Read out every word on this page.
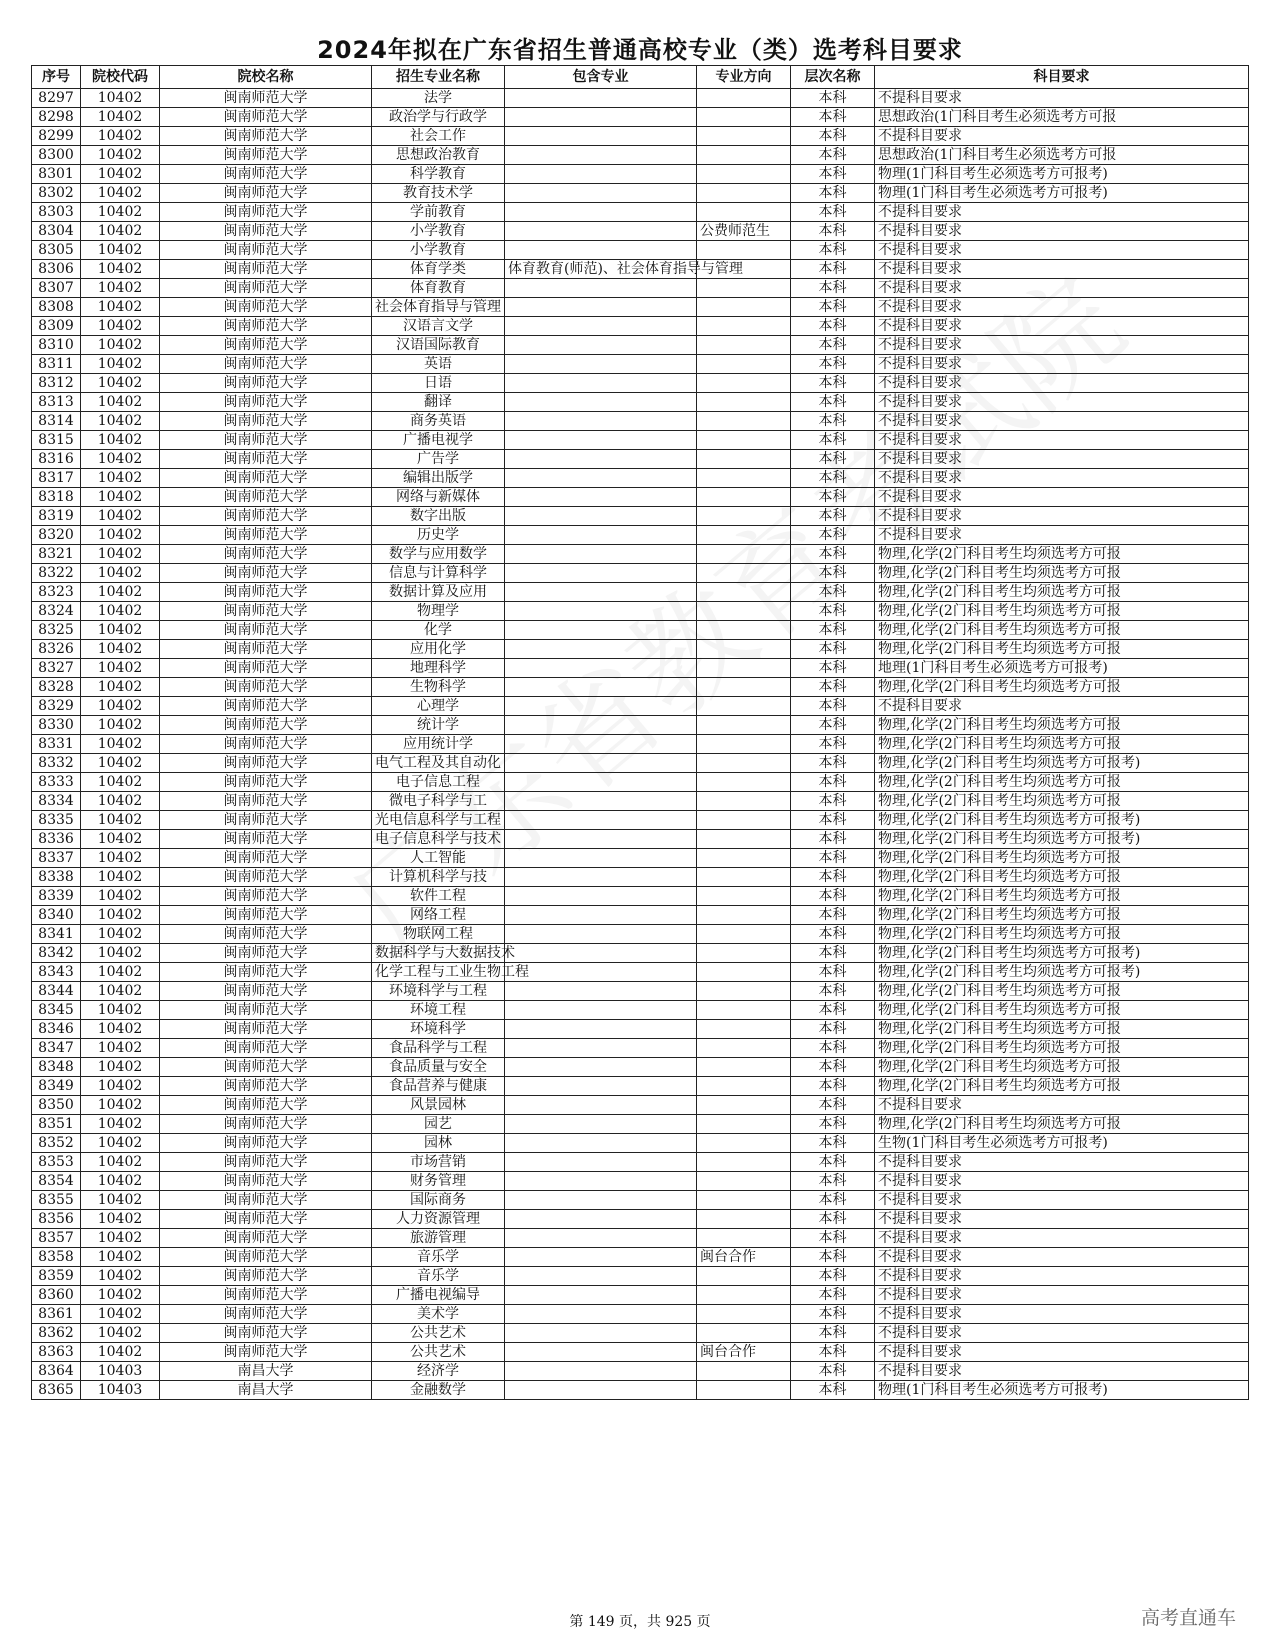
2024年拟在广东省招生普通高校专业（类）选考科目要求
序号	院校代码	院校名称	招生专业名称	包含专业	专业方向	层次名称	科目要求
8297	10402	闽南师范大学	法学			本科	不提科目要求
8298	10402	闽南师范大学	政治学与行政学			本科	思想政治(1门科目考生必须选考方可报
8299	10402	闽南师范大学	社会工作			本科	不提科目要求
8300	10402	闽南师范大学	思想政治教育			本科	思想政治(1门科目考生必须选考方可报
8301	10402	闽南师范大学	科学教育			本科	物理(1门科目考生必须选考方可报考)
8302	10402	闽南师范大学	教育技术学			本科	物理(1门科目考生必须选考方可报考)
8303	10402	闽南师范大学	学前教育			本科	不提科目要求
8304	10402	闽南师范大学	小学教育		公费师范生	本科	不提科目要求
8305	10402	闽南师范大学	小学教育			本科	不提科目要求
8306	10402	闽南师范大学	体育学类	体育教育(师范)、社会体育指导与管理		本科	不提科目要求
8307	10402	闽南师范大学	体育教育			本科	不提科目要求
8308	10402	闽南师范大学	社会体育指导与管理			本科	不提科目要求
8309	10402	闽南师范大学	汉语言文学			本科	不提科目要求
8310	10402	闽南师范大学	汉语国际教育			本科	不提科目要求
8311	10402	闽南师范大学	英语			本科	不提科目要求
8312	10402	闽南师范大学	日语			本科	不提科目要求
8313	10402	闽南师范大学	翻译			本科	不提科目要求
8314	10402	闽南师范大学	商务英语			本科	不提科目要求
8315	10402	闽南师范大学	广播电视学			本科	不提科目要求
8316	10402	闽南师范大学	广告学			本科	不提科目要求
8317	10402	闽南师范大学	编辑出版学			本科	不提科目要求
8318	10402	闽南师范大学	网络与新媒体			本科	不提科目要求
8319	10402	闽南师范大学	数字出版			本科	不提科目要求
8320	10402	闽南师范大学	历史学			本科	不提科目要求
8321	10402	闽南师范大学	数学与应用数学			本科	物理,化学(2门科目考生均须选考方可报
8322	10402	闽南师范大学	信息与计算科学			本科	物理,化学(2门科目考生均须选考方可报
8323	10402	闽南师范大学	数据计算及应用			本科	物理,化学(2门科目考生均须选考方可报
8324	10402	闽南师范大学	物理学			本科	物理,化学(2门科目考生均须选考方可报
8325	10402	闽南师范大学	化学			本科	物理,化学(2门科目考生均须选考方可报
8326	10402	闽南师范大学	应用化学			本科	物理,化学(2门科目考生均须选考方可报
8327	10402	闽南师范大学	地理科学			本科	地理(1门科目考生必须选考方可报考)
8328	10402	闽南师范大学	生物科学			本科	物理,化学(2门科目考生均须选考方可报
8329	10402	闽南师范大学	心理学			本科	不提科目要求
8330	10402	闽南师范大学	统计学			本科	物理,化学(2门科目考生均须选考方可报
8331	10402	闽南师范大学	应用统计学			本科	物理,化学(2门科目考生均须选考方可报
8332	10402	闽南师范大学	电气工程及其自动化			本科	物理,化学(2门科目考生均须选考方可报考)
8333	10402	闽南师范大学	电子信息工程			本科	物理,化学(2门科目考生均须选考方可报
8334	10402	闽南师范大学	微电子科学与工			本科	物理,化学(2门科目考生均须选考方可报
8335	10402	闽南师范大学	光电信息科学与工程			本科	物理,化学(2门科目考生均须选考方可报考)
8336	10402	闽南师范大学	电子信息科学与技术			本科	物理,化学(2门科目考生均须选考方可报考)
8337	10402	闽南师范大学	人工智能			本科	物理,化学(2门科目考生均须选考方可报
8338	10402	闽南师范大学	计算机科学与技			本科	物理,化学(2门科目考生均须选考方可报
8339	10402	闽南师范大学	软件工程			本科	物理,化学(2门科目考生均须选考方可报
8340	10402	闽南师范大学	网络工程			本科	物理,化学(2门科目考生均须选考方可报
8341	10402	闽南师范大学	物联网工程			本科	物理,化学(2门科目考生均须选考方可报
8342	10402	闽南师范大学	数据科学与大数据技术			本科	物理,化学(2门科目考生均须选考方可报考)
8343	10402	闽南师范大学	化学工程与工业生物工程			本科	物理,化学(2门科目考生均须选考方可报考)
8344	10402	闽南师范大学	环境科学与工程			本科	物理,化学(2门科目考生均须选考方可报
8345	10402	闽南师范大学	环境工程			本科	物理,化学(2门科目考生均须选考方可报
8346	10402	闽南师范大学	环境科学			本科	物理,化学(2门科目考生均须选考方可报
8347	10402	闽南师范大学	食品科学与工程			本科	物理,化学(2门科目考生均须选考方可报
8348	10402	闽南师范大学	食品质量与安全			本科	物理,化学(2门科目考生均须选考方可报
8349	10402	闽南师范大学	食品营养与健康			本科	物理,化学(2门科目考生均须选考方可报
8350	10402	闽南师范大学	风景园林			本科	不提科目要求
8351	10402	闽南师范大学	园艺			本科	物理,化学(2门科目考生均须选考方可报
8352	10402	闽南师范大学	园林			本科	生物(1门科目考生必须选考方可报考)
8353	10402	闽南师范大学	市场营销			本科	不提科目要求
8354	10402	闽南师范大学	财务管理			本科	不提科目要求
8355	10402	闽南师范大学	国际商务			本科	不提科目要求
8356	10402	闽南师范大学	人力资源管理			本科	不提科目要求
8357	10402	闽南师范大学	旅游管理			本科	不提科目要求
8358	10402	闽南师范大学	音乐学		闽台合作	本科	不提科目要求
8359	10402	闽南师范大学	音乐学			本科	不提科目要求
8360	10402	闽南师范大学	广播电视编导			本科	不提科目要求
8361	10402	闽南师范大学	美术学			本科	不提科目要求
8362	10402	闽南师范大学	公共艺术			本科	不提科目要求
8363	10402	闽南师范大学	公共艺术		闽台合作	本科	不提科目要求
8364	10403	南昌大学	经济学			本科	不提科目要求
8365	10403	南昌大学	金融数学			本科	物理(1门科目考生必须选考方可报考)
第 149 页，共 925 页	高考直通车
